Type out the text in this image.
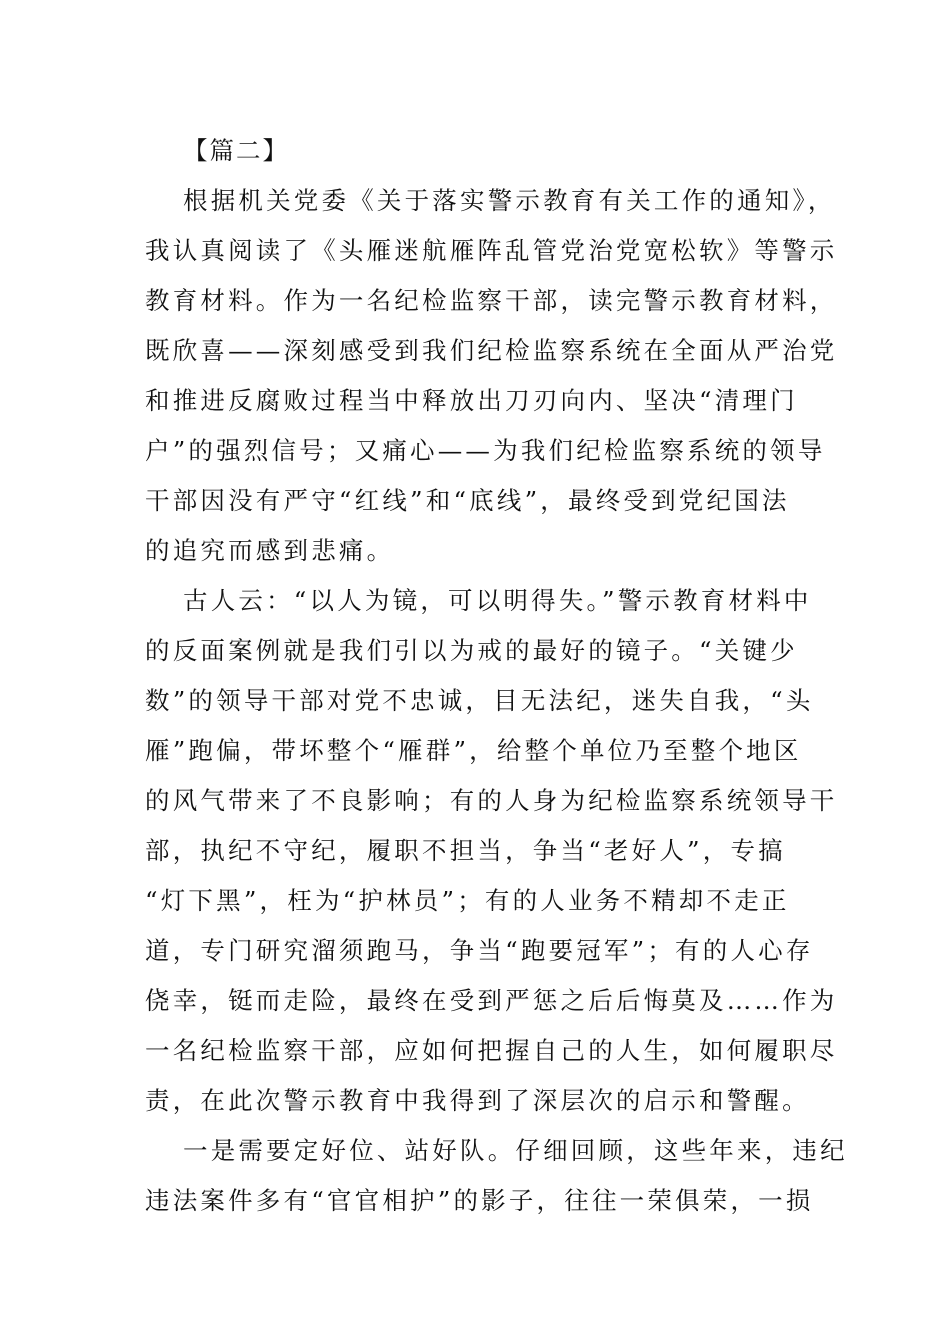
【篇二】
根据机关党委《关于落实警示教育有关工作的通知》，
我认真阅读了《头雁迷航雁阵乱管党治党宽松软》等警示
教育材料。作为一名纪检监察干部，读完警示教育材料，
既欣喜——深刻感受到我们纪检监察系统在全面从严治党
和推进反腐败过程当中释放出刀刃向内、坚决“清理门
户”的强烈信号；又痛心——为我们纪检监察系统的领导
干部因没有严守“红线”和“底线”，最终受到党纪国法
的追究而感到悲痛。
古人云：“以人为镜，可以明得失。”警示教育材料中
的反面案例就是我们引以为戒的最好的镜子。“关键少
数”的领导干部对党不忠诚，目无法纪，迷失自我，“头
雁”跑偏，带坏整个“雁群”，给整个单位乃至整个地区
的风气带来了不良影响；有的人身为纪检监察系统领导干
部，执纪不守纪，履职不担当，争当“老好人”，专搞
“灯下黑”，枉为“护林员”；有的人业务不精却不走正
道，专门研究溜须跑马，争当“跑要冠军”；有的人心存
侥幸，铤而走险，最终在受到严惩之后后悔莫及……作为
一名纪检监察干部，应如何把握自己的人生，如何履职尽
责，在此次警示教育中我得到了深层次的启示和警醒。
一是需要定好位、站好队。仔细回顾，这些年来，违纪
违法案件多有“官官相护”的影子，往往一荣俱荣，一损
